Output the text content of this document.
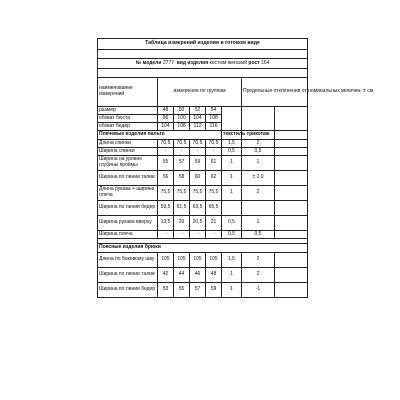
Таблица измерений изделия в готовом виде							

№ модели 2777 вид изделия костюм женский рост 164							

наименование измерений	измерения по группам					Предельные отклонения от номинальных величин, ± см.	
размер	48	50	52	54			
обхват бюста	96	100	104	108			
обхват бедер	104	108	112	116			
Плечевые изделия пальто					текстиль	трикотаж	
Длина спинки	70,5	70,5	70,5	70,5	1,5	2	
Ширина спинки	-	-	-	-	0,5	0,5	
Ширина на уровне глубины проймы	55	57	59	61	1	1	
Ширина по линии талии	56	58	60	62	1	± 2,0	
Длина рукава + ширина плеча	75,5	75,5	75,5	75,5	1	2	
Ширина по линии бедер	59,5	61,5	63,5	65,5			
Ширина рукава вверху	19,5	20	20,5	21	0,5	1	
Ширина плеча	-	-	-	-	0,5	0,5	

Поясные изделия брюки							
Длина по боковому шву	105	105	105	105	1,5	2	
Ширина по линии талии	42	44	46	48	1	2	
Ширина по линии бедер	53	55	57	59	1	-1	
